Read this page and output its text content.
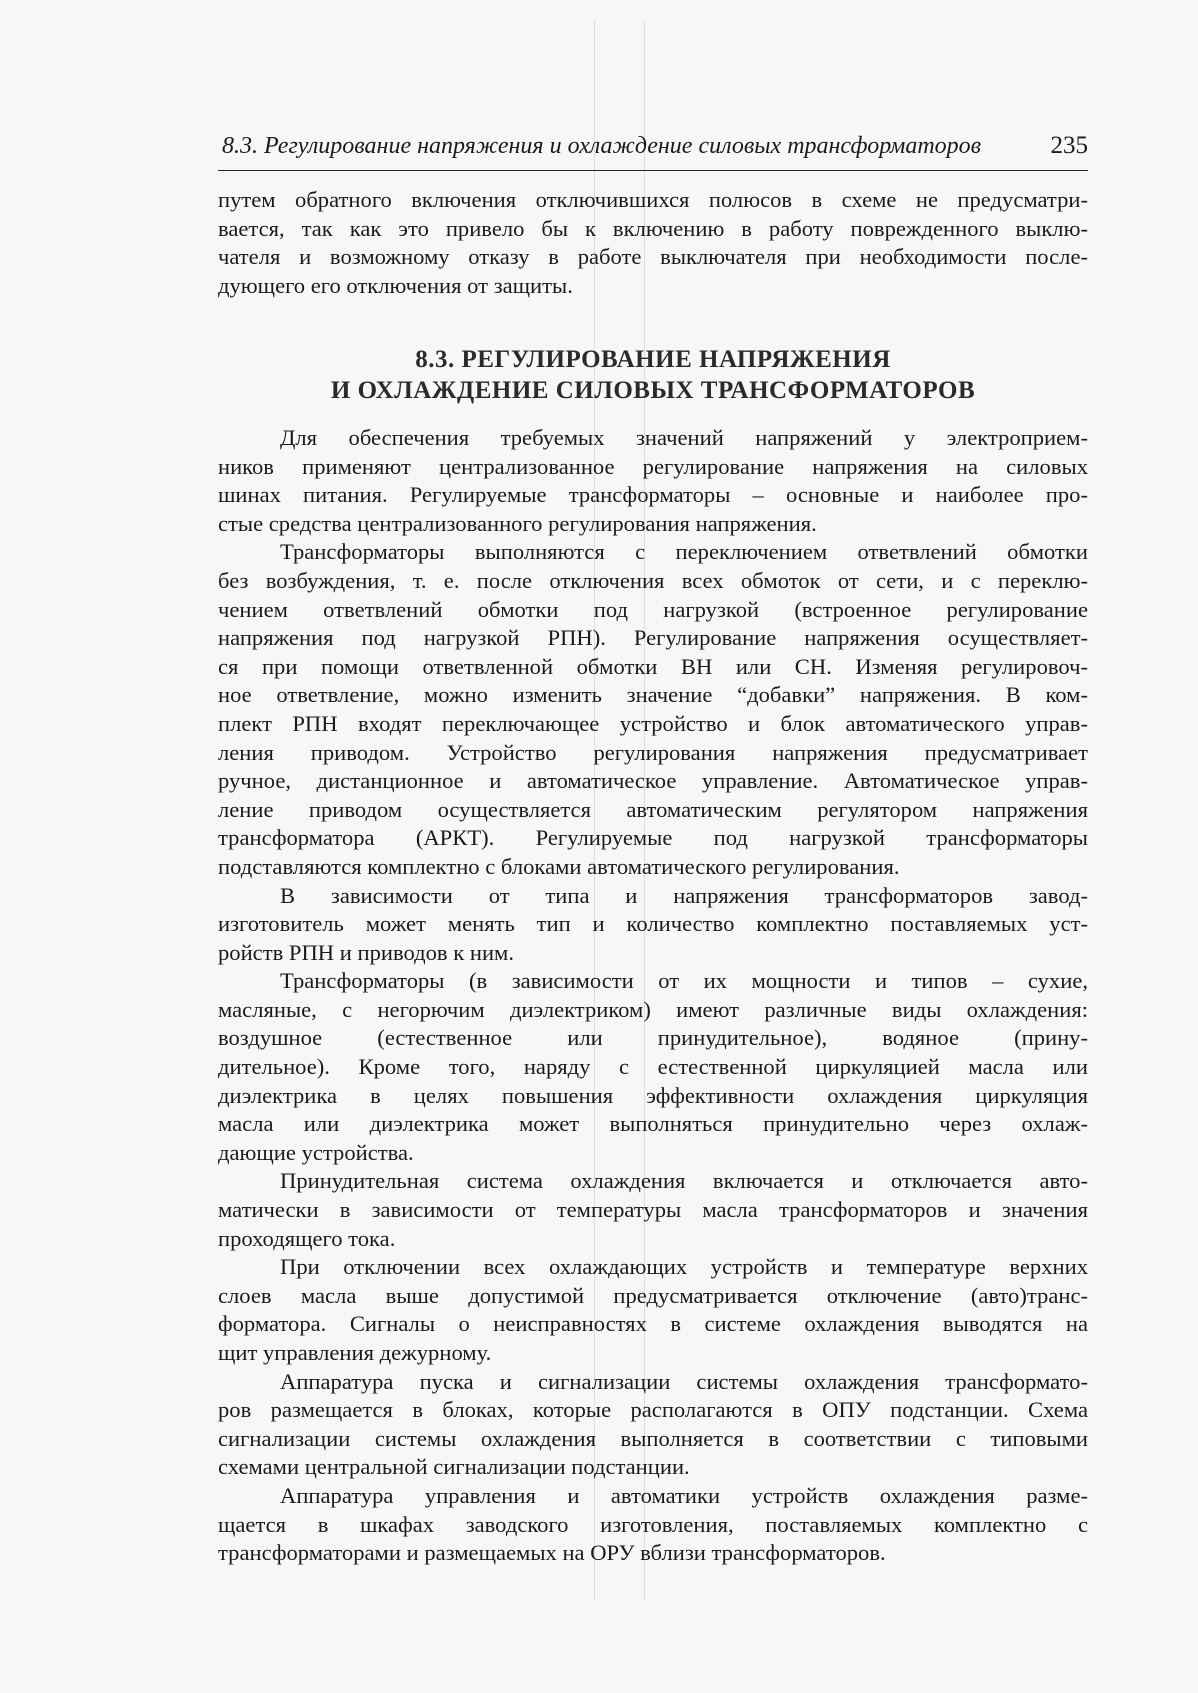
8.3. Регулирование напряжения и охлаждение силовых трансформаторов	235
путем обратного включения отключившихся полюсов в схеме не предусматри-
вается, так как это привело бы к включению в работу поврежденного выклю-
чателя и возможному отказу в работе выключателя при необходимости после-
дующего его отключения от защиты.
8.3. РЕГУЛИРОВАНИЕ НАПРЯЖЕНИЯ
И ОХЛАЖДЕНИЕ СИЛОВЫХ ТРАНСФОРМАТОРОВ
Для обеспечения требуемых значений напряжений у электроприем-
ников применяют централизованное регулирование напряжения на силовых
шинах питания. Регулируемые трансформаторы – основные и наиболее про-
стые средства централизованного регулирования напряжения.
Трансформаторы выполняются с переключением ответвлений обмотки
без возбуждения, т. е. после отключения всех обмоток от сети, и с переклю-
чением ответвлений обмотки под нагрузкой (встроенное регулирование
напряжения под нагрузкой РПН). Регулирование напряжения осуществляет-
ся при помощи ответвленной обмотки ВН или СН. Изменяя регулировоч-
ное ответвление, можно изменить значение “добавки” напряжения. В ком-
плект РПН входят переключающее устройство и блок автоматического управ-
ления приводом. Устройство регулирования напряжения предусматривает
ручное, дистанционное и автоматическое управление. Автоматическое управ-
ление приводом осуществляется автоматическим регулятором напряжения
трансформатора (АРКТ). Регулируемые под нагрузкой трансформаторы
подставляются комплектно с блоками автоматического регулирования.
В зависимости от типа и напряжения трансформаторов завод-
изготовитель может менять тип и количество комплектно поставляемых уст-
ройств РПН и приводов к ним.
Трансформаторы (в зависимости от их мощности и типов – сухие,
масляные, с негорючим диэлектриком) имеют различные виды охлаждения:
воздушное (естественное или принудительное), водяное (прину-
дительное). Кроме того, наряду с естественной циркуляцией масла или
диэлектрика в целях повышения эффективности охлаждения циркуляция
масла или диэлектрика может выполняться принудительно через охлаж-
дающие устройства.
Принудительная система охлаждения включается и отключается авто-
матически в зависимости от температуры масла трансформаторов и значения
проходящего тока.
При отключении всех охлаждающих устройств и температуре верхних
слоев масла выше допустимой предусматривается отключение (авто)транс-
форматора. Сигналы о неисправностях в системе охлаждения выводятся на
щит управления дежурному.
Аппаратура пуска и сигнализации системы охлаждения трансформато-
ров размещается в блоках, которые располагаются в ОПУ подстанции. Схема
сигнализации системы охлаждения выполняется в соответствии с типовыми
схемами центральной сигнализации подстанции.
Аппаратура управления и автоматики устройств охлаждения разме-
щается в шкафах заводского изготовления, поставляемых комплектно с
трансформаторами и размещаемых на ОРУ вблизи трансформаторов.
